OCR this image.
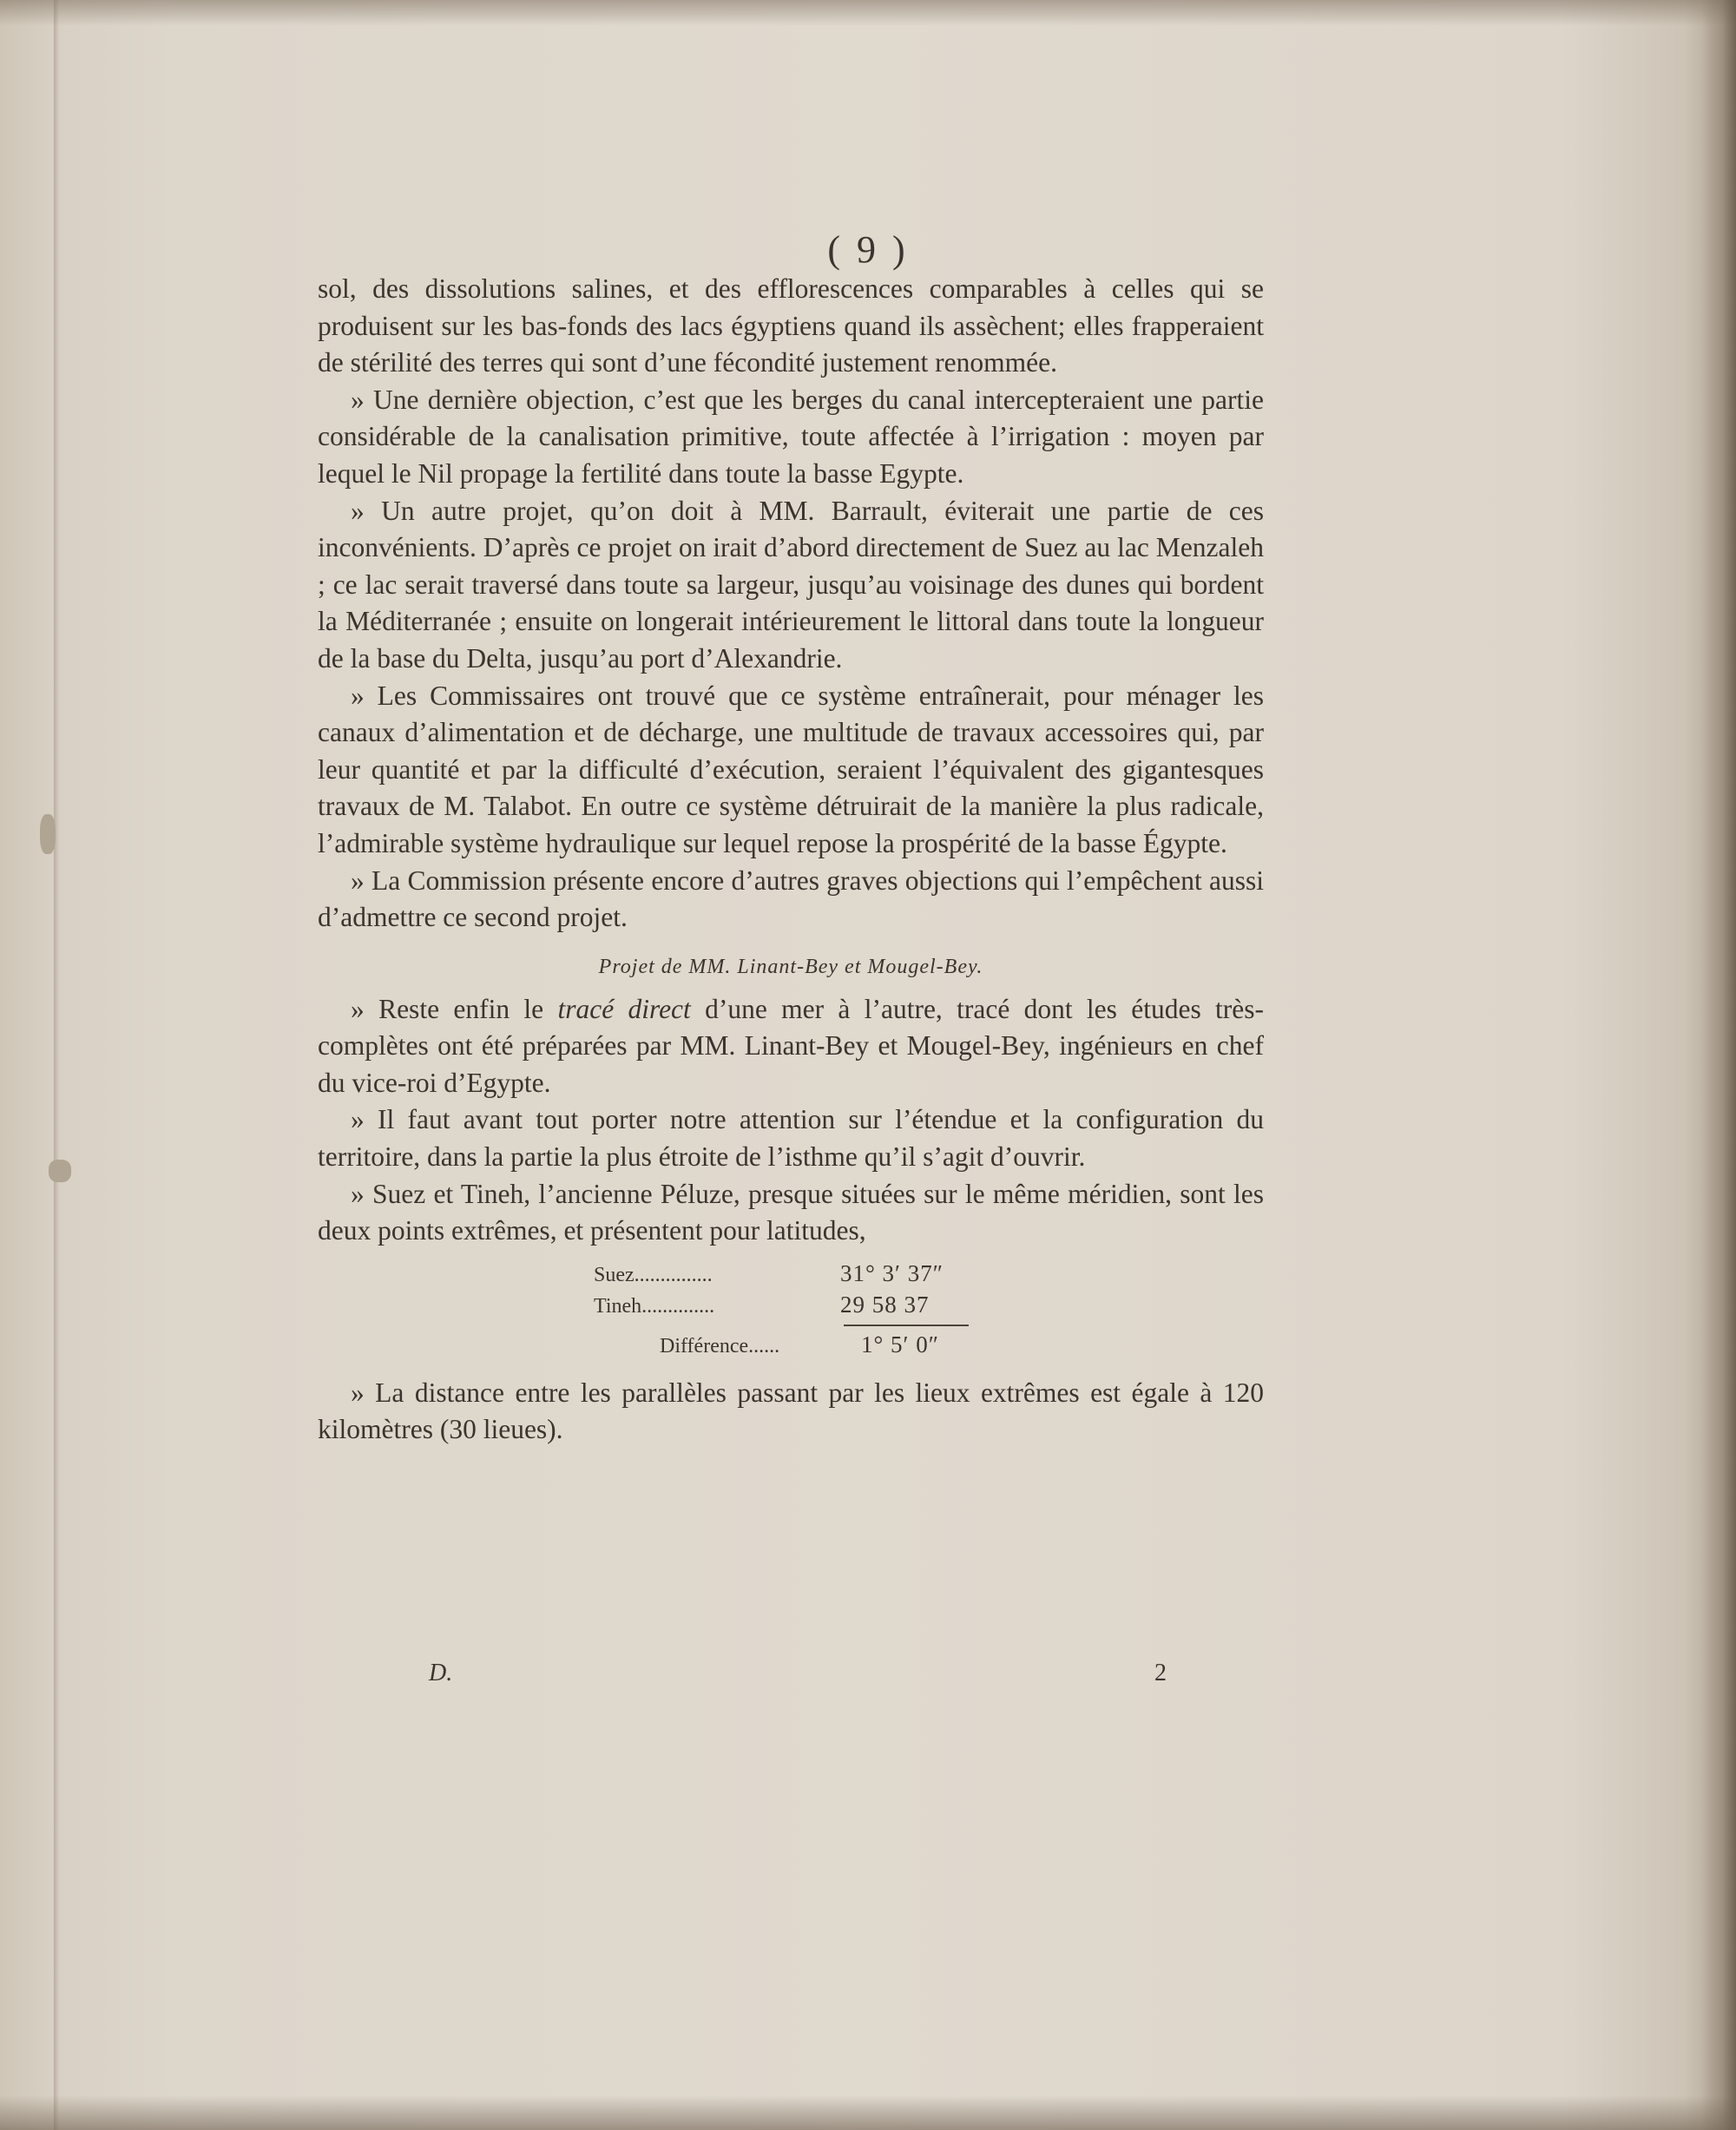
( 9 )

sol, des dissolutions salines, et des efflorescences comparables à celles qui se produisent sur les bas-fonds des lacs égyptiens quand ils assèchent; elles frapperaient de stérilité des terres qui sont d’une fécondité justement renommée.

» Une dernière objection, c’est que les berges du canal intercepteraient une partie considérable de la canalisation primitive, toute affectée à l’irrigation : moyen par lequel le Nil propage la fertilité dans toute la basse Egypte.

» Un autre projet, qu’on doit à MM. Barrault, éviterait une partie de ces inconvénients. D’après ce projet on irait d’abord directement de Suez au lac Menzaleh ; ce lac serait traversé dans toute sa largeur, jusqu’au voisinage des dunes qui bordent la Méditerranée ; ensuite on longerait intérieurement le littoral dans toute la longueur de la base du Delta, jusqu’au port d’Alexandrie.

» Les Commissaires ont trouvé que ce système entraînerait, pour ménager les canaux d’alimentation et de décharge, une multitude de travaux accessoires qui, par leur quantité et par la difficulté d’exécution, seraient l’équivalent des gigantesques travaux de M. Talabot. En outre ce système détruirait de la manière la plus radicale, l’admirable système hydraulique sur lequel repose la prospérité de la basse Égypte.

» La Commission présente encore d’autres graves objections qui l’empêchent aussi d’admettre ce second projet.

Projet de MM. Linant-Bey et Mougel-Bey.

» Reste enfin le tracé direct d’une mer à l’autre, tracé dont les études très-complètes ont été préparées par MM. Linant-Bey et Mougel-Bey, ingénieurs en chef du vice-roi d’Egypte.

» Il faut avant tout porter notre attention sur l’étendue et la configuration du territoire, dans la partie la plus étroite de l’isthme qu’il s’agit d’ouvrir.

» Suez et Tineh, l’ancienne Péluze, presque situées sur le même méridien, sont les deux points extrêmes, et présentent pour latitudes,

Suez...............	31° 3′ 37″
Tineh..............	29 58 37
Différence......	1° 5′ 0″

» La distance entre les parallèles passant par les lieux extrêmes est égale à 120 kilomètres (30 lieues).

D.	2
